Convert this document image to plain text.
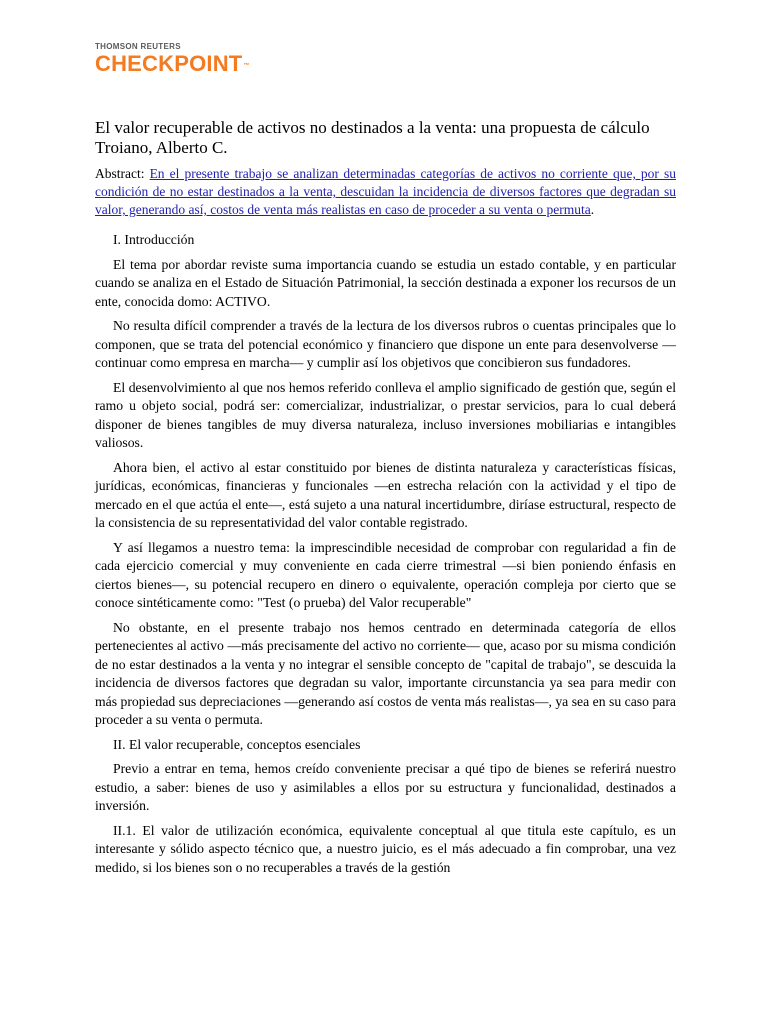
THOMSON REUTERS
CHECKPOINT™
El valor recuperable de activos no destinados a la venta: una propuesta de cálculo
Troiano, Alberto C.
Abstract: En el presente trabajo se analizan determinadas categorías de activos no corriente que, por su condición de no estar destinados a la venta, descuidan la incidencia de diversos factores que degradan su valor, generando así, costos de venta más realistas en caso de proceder a su venta o permuta.
I. Introducción

El tema por abordar reviste suma importancia cuando se estudia un estado contable, y en particular cuando se analiza en el Estado de Situación Patrimonial, la sección destinada a exponer los recursos de un ente, conocida domo: ACTIVO.

No resulta difícil comprender a través de la lectura de los diversos rubros o cuentas principales que lo componen, que se trata del potencial económico y financiero que dispone un ente para desenvolverse —continuar como empresa en marcha— y cumplir así los objetivos que concibieron sus fundadores.

El desenvolvimiento al que nos hemos referido conlleva el amplio significado de gestión que, según el ramo u objeto social, podrá ser: comercializar, industrializar, o prestar servicios, para lo cual deberá disponer de bienes tangibles de muy diversa naturaleza, incluso inversiones mobiliarias e intangibles valiosos.

Ahora bien, el activo al estar constituido por bienes de distinta naturaleza y características físicas, jurídicas, económicas, financieras y funcionales —en estrecha relación con la actividad y el tipo de mercado en el que actúa el ente—, está sujeto a una natural incertidumbre, diríase estructural, respecto de la consistencia de su representatividad del valor contable registrado.

Y así llegamos a nuestro tema: la imprescindible necesidad de comprobar con regularidad a fin de cada ejercicio comercial y muy conveniente en cada cierre trimestral —si bien poniendo énfasis en ciertos bienes—, su potencial recupero en dinero o equivalente, operación compleja por cierto que se conoce sintéticamente como: "Test (o prueba) del Valor recuperable"

No obstante, en el presente trabajo nos hemos centrado en determinada categoría de ellos pertenecientes al activo —más precisamente del activo no corriente— que, acaso por su misma condición de no estar destinados a la venta y no integrar el sensible concepto de "capital de trabajo", se descuida la incidencia de diversos factores que degradan su valor, importante circunstancia ya sea para medir con más propiedad sus depreciaciones —generando así costos de venta más realistas—, ya sea en su caso para proceder a su venta o permuta.

II. El valor recuperable, conceptos esenciales

Previo a entrar en tema, hemos creído conveniente precisar a qué tipo de bienes se referirá nuestro estudio, a saber: bienes de uso y asimilables a ellos por su estructura y funcionalidad, destinados a inversión.

II.1. El valor de utilización económica, equivalente conceptual al que titula este capítulo, es un interesante y sólido aspecto técnico que, a nuestro juicio, es el más adecuado a fin comprobar, una vez medido, si los bienes son o no recuperables a través de la gestión
